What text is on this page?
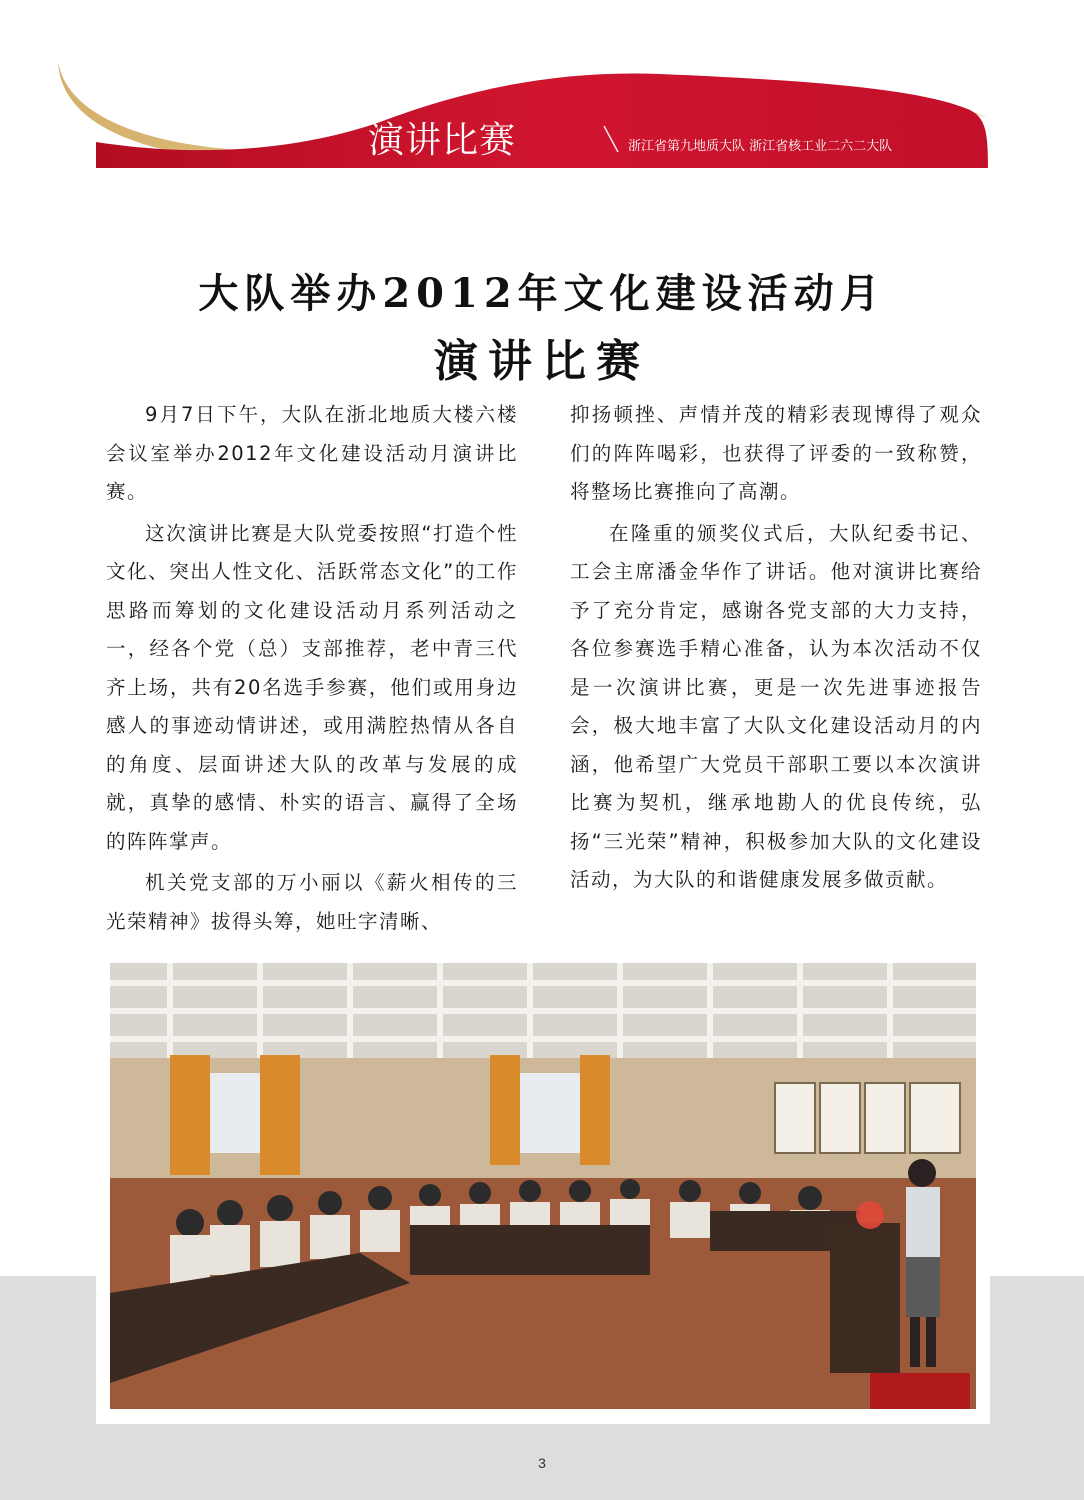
演讲比赛	浙江省第九地质大队 浙江省核工业二六二大队
大队举办2012年文化建设活动月
演讲比赛

9月7日下午，大队在浙北地质大楼六楼会议室举办2012年文化建设活动月演讲比赛。

这次演讲比赛是大队党委按照“打造个性文化、突出人性文化、活跃常态文化”的工作思路而筹划的文化建设活动月系列活动之一，经各个党（总）支部推荐，老中青三代齐上场，共有20名选手参赛，他们或用身边感人的事迹动情讲述，或用满腔热情从各自的角度、层面讲述大队的改革与发展的成就，真挚的感情、朴实的语言、赢得了全场的阵阵掌声。

机关党支部的万小丽以《薪火相传的三光荣精神》拔得头筹，她吐字清晰、

抑扬顿挫、声情并茂的精彩表现博得了观众们的阵阵喝彩，也获得了评委的一致称赞，将整场比赛推向了高潮。

在隆重的颁奖仪式后，大队纪委书记、工会主席潘金华作了讲话。他对演讲比赛给予了充分肯定，感谢各党支部的大力支持，各位参赛选手精心准备，认为本次活动不仅是一次演讲比赛，更是一次先进事迹报告会，极大地丰富了大队文化建设活动月的内涵，他希望广大党员干部职工要以本次演讲比赛为契机，继承地勘人的优良传统，弘扬“三光荣”精神，积极参加大队的文化建设活动，为大队的和谐健康发展多做贡献。

3
